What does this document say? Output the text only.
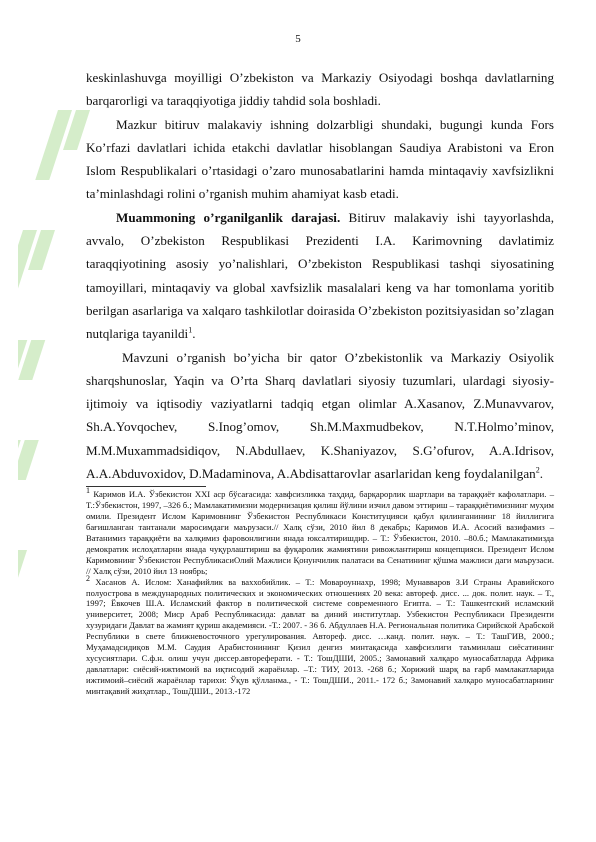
5

keskinlashuvga moyilligi O’zbekiston va Markaziy Osiyodagi boshqa davlatlarning barqarorligi va taraqqiyotiga jiddiy tahdid sola boshladi.

Mazkur bitiruv malakaviy ishning dolzarbligi shundaki, bugungi kunda Fors Ko’rfazi davlatlari ichida etakchi davlatlar hisoblangan Saudiya Arabistoni va Eron Islom Respublikalari o’rtasidagi o’zaro munosabatlarini hamda mintaqaviy xavfsizlikni ta’minlashdagi rolini o’rganish muhim ahamiyat kasb etadi.

Muammoning o’rganilganlik darajasi. Bitiruv malakaviy ishi tayyorlashda, avvalo, O’zbekiston Respublikasi Prezidenti I.A. Karimovning davlatimiz taraqqiyotining asosiy yo’nalishlari, O’zbekiston Respublikasi tashqi siyosatining tamoyillari, mintaqaviy va global xavfsizlik masalalari keng va har tomonlama yoritib berilgan asarlariga va xalqaro tashkilotlar doirasida O’zbekiston pozitsiyasidan so’zlagan nutqlariga tayanildi$^1$.

Mavzuni o’rganish bo’yicha bir qator O’zbekistonlik va Markaziy Osiyolik sharqshunoslar, Yaqin va O’rta Sharq davlatlari siyosiy tuzumlari, ulardagi siyosiy-ijtimoiy va iqtisodiy vaziyatlarni tadqiq etgan olimlar A.Xasanov, Z.Munavvarov, Sh.A.Yovqochev, S.Inog’omov, Sh.M.Maxmudbekov, N.T.Holmo’minov, M.M.Muxammadsidiqov, N.Abdullaev, K.Shaniyazov, S.G’ofurov, A.A.Idrisov, A.A.Abduvoxidov, D.Madaminova, A.Abdisattarovlar asarlaridan keng foydalanilgan$^2$.

$^1$ Каримов И.А. Ўзбекистон ХХI аср бўсағасида: хавфсизликка таҳдид, барқарорлик шартлари ва тараққиёт кафолатлари. –Т.:Ўзбекистон, 1997, –326 б.; Мамлакатимизни модернизация қилиш йўлини изчил давом эттириш – тараққиётимизнинг муҳим омили. Президент Ислом Каримовнинг Ўзбекистон Республикаси Конституцияси қабул қилинганининг 18 йиллигига бағишланган тантанали маросимдаги маърузаси.// Халқ сўзи, 2010 йил 8 декабрь; Каримов И.А. Асосий вазифамиз – Ватанимиз тараққиёти ва халқимиз фаровонлигини янада юксалтиришдир. – Т.: Ўзбекистон, 2010. –80.б.; Мамлакатимизда демократик ислоҳатларни янада чуқурлаштириш ва фуқаролик жамиятини ривожлантириш концепцияси. Президент Ислом Каримовнинг Ўзбекистон РеспубликасиОлий Мажлиси Қонунчилик палатаси ва Сенатининг қўшма мажлиси даги маърузаси. // Халқ сўзи, 2010 йил 13 ноябрь;

$^2$ Хасанов А. Ислом: Ханафийлик ва ваххобийлик. – Т.: Мовароуннахр, 1998; Мунавваров З.И Страны Аравийского полуострова в международных политических и экономических отношениях 20 века: автореф. дисс. ... док. полит. наук. – Т., 1997; Ёвкочев Ш.А. Исламский фактор в политической системе современного Египта. – Т.: Ташкентский исламский университет, 2008; Миср Араб Республикасида: давлат ва диний институтлар. Узбекистон Республикаси Президенти хузуридаги Давлат ва жамият қуриш академияси. -Т.: 2007. - 36 б. Абдуллаев Н.А. Региональная политика Сирийской Арабской Республики в свете ближневосточного урегулирования. Автореф. дисс. …канд. полит. наук. – Т.: ТашГИВ, 2000.; Муҳамадсидиқов М.М. Саудия Арабистонининг Қизил денгиз минтақасида хавфсизлиги таъминлаш сиёсатининг хусусиятлари. С.ф.н. олиш учун диссер.автореферати. - Т.: ТошДШИ, 2005.; Замонавий халқаро муносабатларда Африка давлатлари: сиёсий-ижтимоий ва иқтисодий жараёнлар. –Т.: ТИУ, 2013. -268 б.; Хорижий шарқ ва ғарб мамлакатларида ижтимоий–сиёсий жараёнлар тарихи: Ўқув қўлланма., - Т.: ТошДШИ., 2011.- 172 б.; Замонавий халқаро муносабатларнинг минтақавий жиҳатлар., ТошДШИ., 2013.-172
